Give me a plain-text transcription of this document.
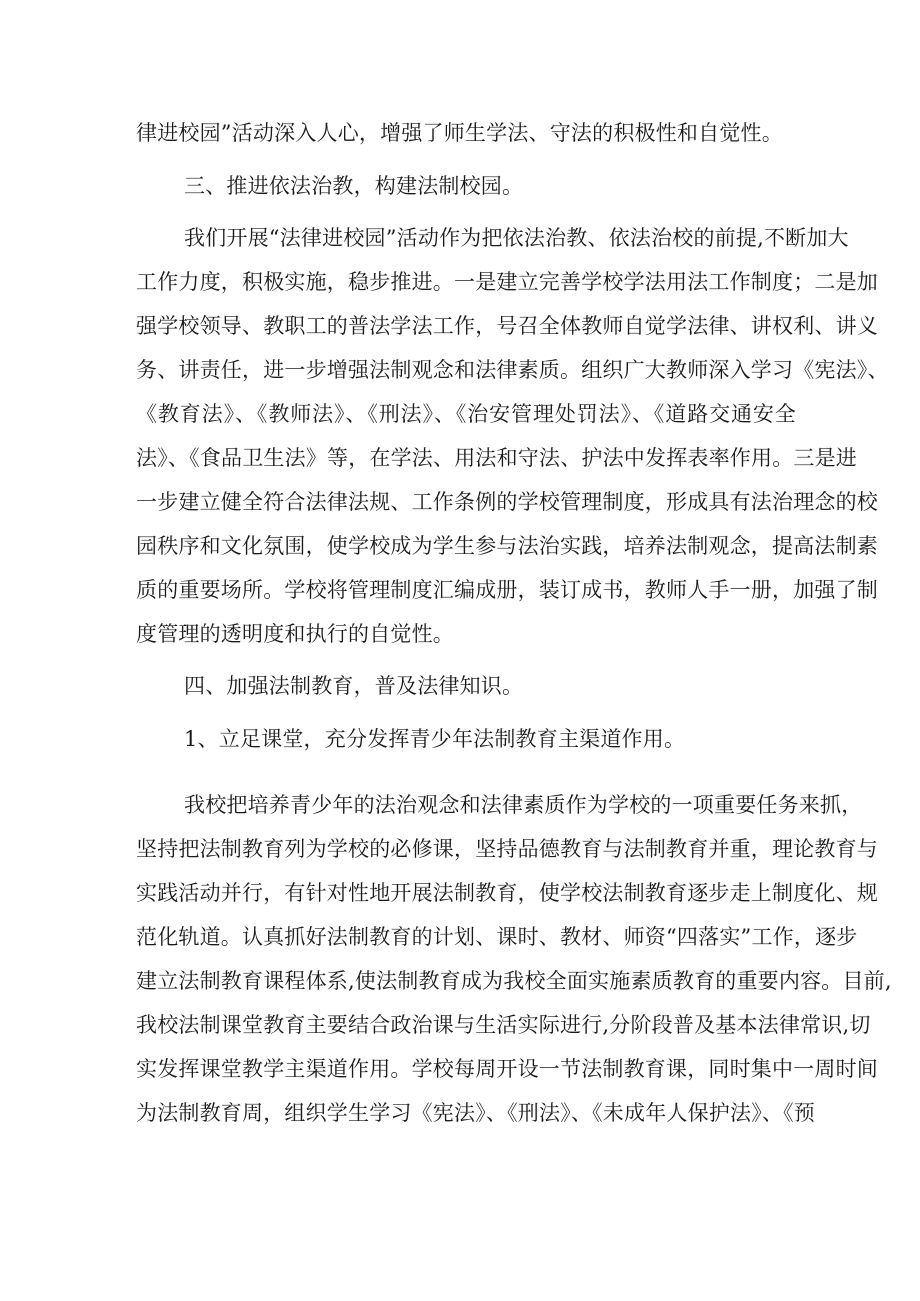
律进校园”活动深入人心，增强了师生学法、守法的积极性和自觉性。
三、推进依法治教，构建法制校园。
我们开展“法律进校园”活动作为把依法治教、依法治校的前提,不断加大
工作力度，积极实施，稳步推进。一是建立完善学校学法用法工作制度；二是加
强学校领导、教职工的普法学法工作，号召全体教师自觉学法律、讲权利、讲义
务、讲责任，进一步增强法制观念和法律素质。组织广大教师深入学习《宪法》、
《教育法》、《教师法》、《刑法》、《治安管理处罚法》、《道路交通安全
法》、《食品卫生法》等，在学法、用法和守法、护法中发挥表率作用。三是进
一步建立健全符合法律法规、工作条例的学校管理制度，形成具有法治理念的校
园秩序和文化氛围，使学校成为学生参与法治实践，培养法制观念，提高法制素
质的重要场所。学校将管理制度汇编成册，装订成书，教师人手一册，加强了制
度管理的透明度和执行的自觉性。
四、加强法制教育，普及法律知识。
1、立足课堂，充分发挥青少年法制教育主渠道作用。
我校把培养青少年的法治观念和法律素质作为学校的一项重要任务来抓，
坚持把法制教育列为学校的必修课，坚持品德教育与法制教育并重，理论教育与
实践活动并行，有针对性地开展法制教育，使学校法制教育逐步走上制度化、规
范化轨道。认真抓好法制教育的计划、课时、教材、师资“四落实”工作，逐步
建立法制教育课程体系,使法制教育成为我校全面实施素质教育的重要内容。目前,
我校法制课堂教育主要结合政治课与生活实际进行,分阶段普及基本法律常识,切
实发挥课堂教学主渠道作用。学校每周开设一节法制教育课，同时集中一周时间
为法制教育周，组织学生学习《宪法》、《刑法》、《未成年人保护法》、《预
